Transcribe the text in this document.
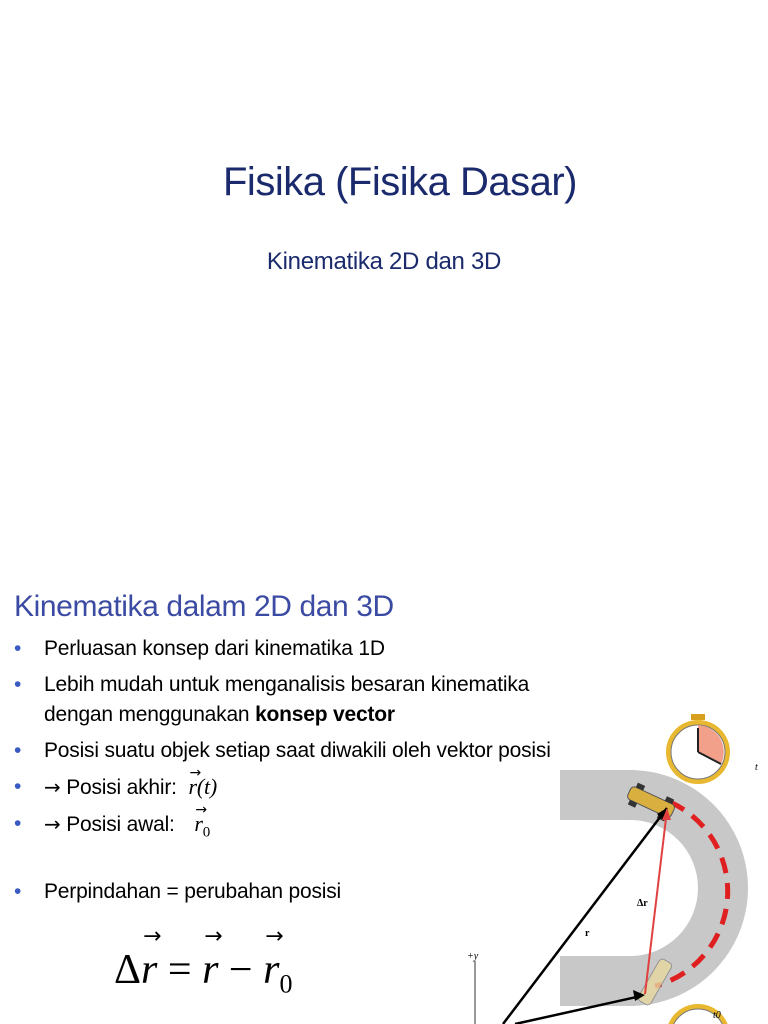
Fisika (Fisika Dasar)
Kinematika 2D dan 3D
Kinematika dalam 2D dan 3D
• Perluasan konsep dari kinematika 1D
• Lebih mudah untuk menganalisis besaran kinematika
dengan menggunakan konsep vector
• Posisi suatu objek setiap saat diwakili oleh vektor posisi
• → Posisi akhir: → r(t)
• → Posisi awal: → $r_0$
• Perpindahan = perubahan posisi
Δ→ r = → r − → $r_0$
t
Δr
r
+y
t0
